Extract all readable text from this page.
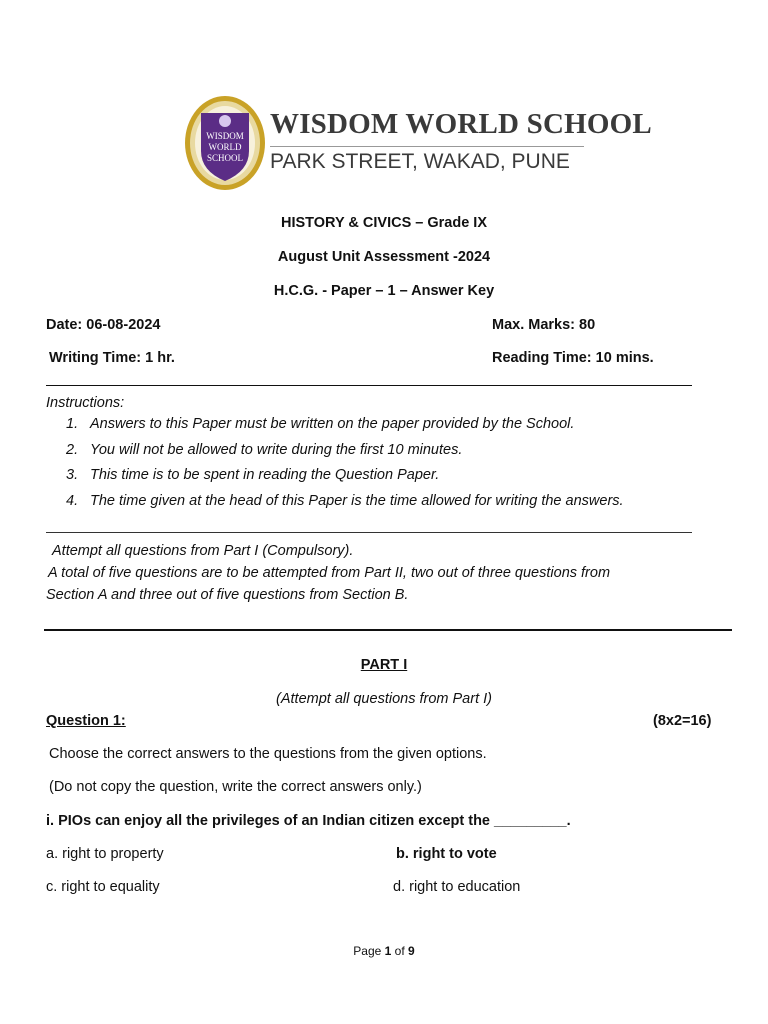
WISDOM
WORLD
SCHOOL
WISDOM WORLD SCHOOL
PARK STREET, WAKAD, PUNE
HISTORY & CIVICS – Grade IX
August Unit Assessment -2024
H.C.G. - Paper – 1 – Answer Key
Date: 06-08-2024	Max. Marks: 80
Writing Time: 1 hr.	Reading Time: 10 mins.
Instructions:
1. Answers to this Paper must be written on the paper provided by the School.
2. You will not be allowed to write during the first 10 minutes.
3. This time is to be spent in reading the Question Paper.
4. The time given at the head of this Paper is the time allowed for writing the answers.
Attempt all questions from Part I (Compulsory).
A total of five questions are to be attempted from Part II, two out of three questions from
Section A and three out of five questions from Section B.
PART I
(Attempt all questions from Part I)
Question 1:	(8x2=16)
Choose the correct answers to the questions from the given options.
(Do not copy the question, write the correct answers only.)
i. PIOs can enjoy all the privileges of an Indian citizen except the _________.
a. right to property	b. right to vote
c. right to equality	d. right to education
Page 1 of 9
